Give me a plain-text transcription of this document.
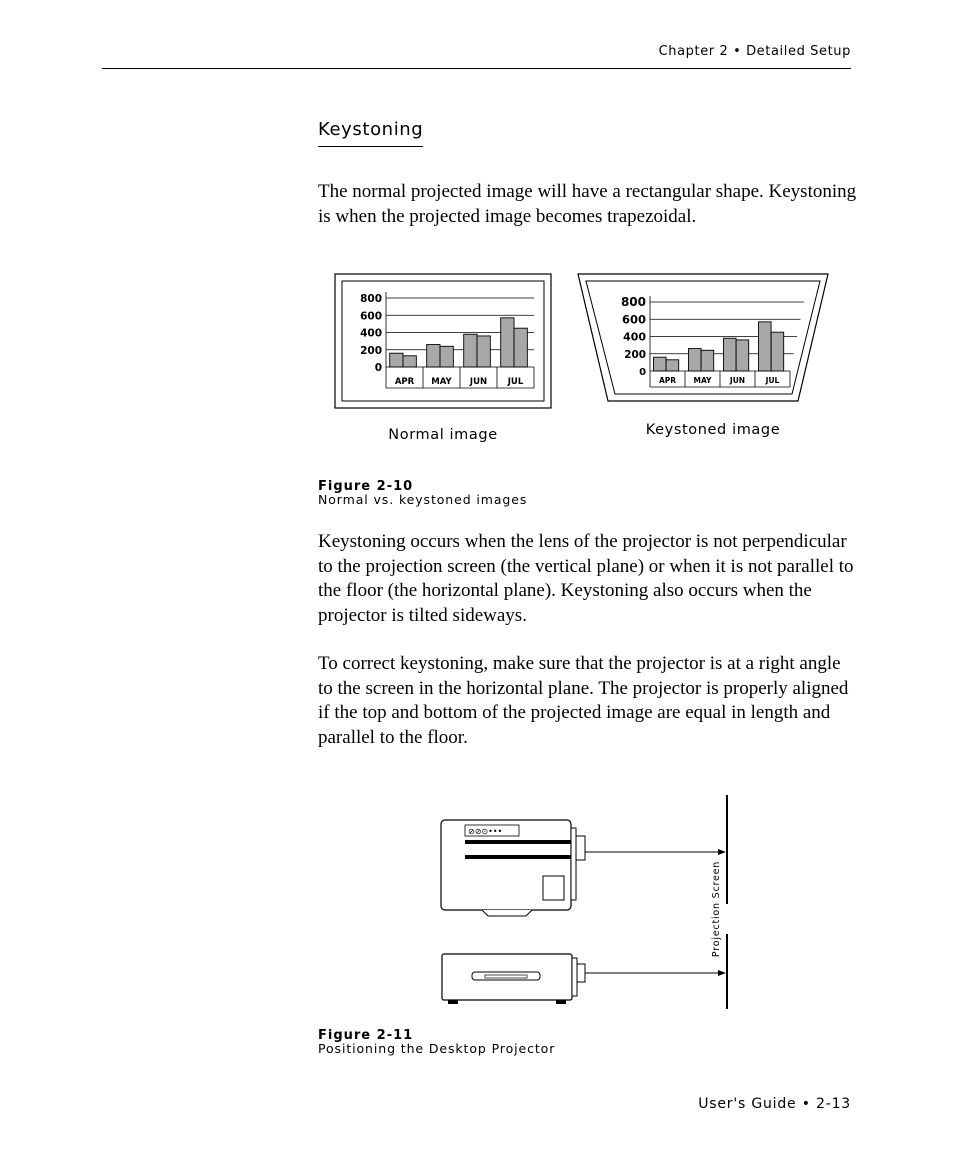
Chapter 2 • Detailed Setup
Keystoning

The normal projected image will have a rectangular shape. Keystoning is when the projected image becomes trapezoidal.

800
600
400
200
0
APR MAY JUN JUL
800
600
400
200
0
APR MAY JUN	JUL
Normal image	Keystoned image
Figure 2-10
Normal vs. keystoned images

Keystoning occurs when the lens of the projector is not perpendicular to the projection screen (the vertical plane) or when it is not parallel to the floor (the horizontal plane). Keystoning also occurs when the projector is tilted sideways.

To correct keystoning, make sure that the projector is at a right angle to the screen in the horizontal plane. The projector is properly aligned if the top and bottom of the projected image are equal in length and parallel to the floor.

⊘⊘⊙•••
Projection Screen
Figure 2-11
Positioning the Desktop Projector
User's Guide • 2-13
